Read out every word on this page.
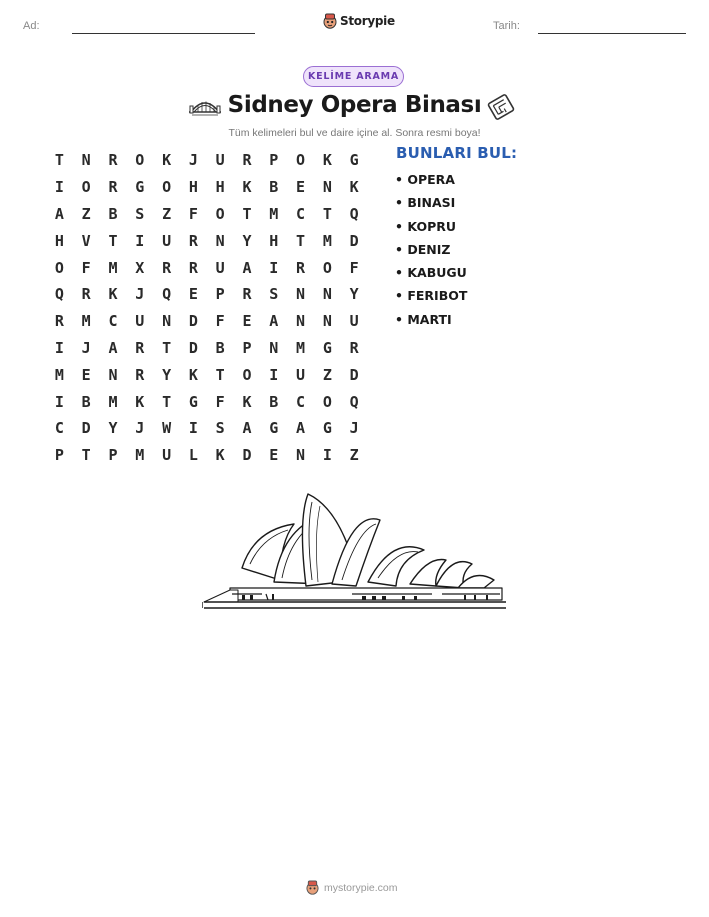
Ad:	Storypie	Tarih:
KELİME ARAMA
Sidney Opera Binası
Tüm kelimeleri bul ve daire içine al. Sonra resmi boya!
T	N	R	O	K	J	U	R	P	O	K	G
I	O	R	G	O	H	H	K	B	E	N	K
A	Z	B	S	Z	F	O	T	M	C	T	Q
H	V	T	I	U	R	N	Y	H	T	M	D
O	F	M	X	R	R	U	A	I	R	O	F
Q	R	K	J	Q	E	P	R	S	N	N	Y
R	M	C	U	N	D	F	E	A	N	N	U
I	J	A	R	T	D	B	P	N	M	G	R
M	E	N	R	Y	K	T	O	I	U	Z	D
I	B	M	K	T	G	F	K	B	C	O	Q
C	D	Y	J	W	I	S	A	G	A	G	J
P	T	P	M	U	L	K	D	E	N	I	Z
BUNLARI BUL:
• OPERA
• BINASI
• KOPRU
• DENIZ
• KABUGU
• FERIBOT
• MARTI
mystorypie.com
